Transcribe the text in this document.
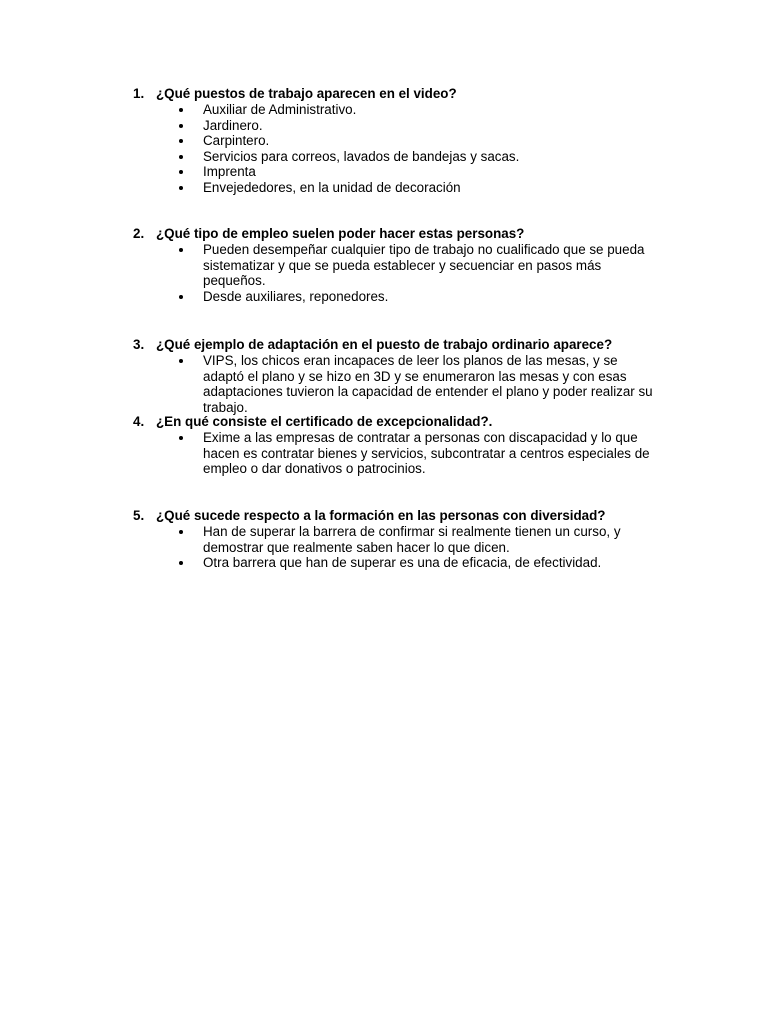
1. ¿Qué puestos de trabajo aparecen en el video?
Auxiliar de Administrativo.
Jardinero.
Carpintero.
Servicios para correos, lavados de bandejas y sacas.
Imprenta
Envejededores, en la unidad de decoración
2. ¿Qué tipo de empleo suelen poder hacer estas personas?
Pueden desempeñar cualquier tipo de trabajo no cualificado que se pueda sistematizar y que se pueda establecer y secuenciar en pasos más pequeños.
Desde auxiliares, reponedores.
3. ¿Qué ejemplo de adaptación en el puesto de trabajo ordinario aparece?
VIPS, los chicos eran incapaces de leer los planos de las mesas, y se adaptó el plano y se hizo en 3D y se enumeraron las mesas y con esas adaptaciones tuvieron la capacidad de entender el plano y poder realizar su trabajo.
4. ¿En qué consiste el certificado de excepcionalidad?.
Exime a las empresas de contratar a personas con discapacidad y lo que hacen es contratar bienes y servicios, subcontratar a centros especiales de empleo o dar donativos o patrocinios.
5. ¿Qué sucede respecto a la formación en las personas con diversidad?
Han de superar la barrera de confirmar si realmente tienen un curso, y demostrar que realmente saben hacer lo que dicen.
Otra barrera que han de superar es una de eficacia, de efectividad.
